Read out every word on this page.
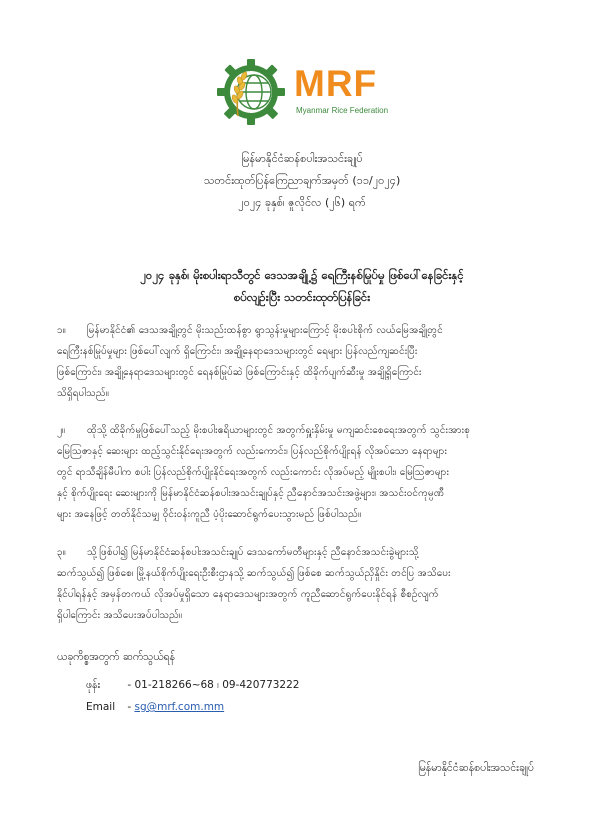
MRF
Myanmar Rice Federation
မြန်မာနိုင်ငံဆန်စပါးအသင်းချုပ်
သတင်းထုတ်ပြန်ကြေညာချက်အမှတ် (၁၁/၂၀၂၄)
၂၀၂၄ ခုနှစ်၊ ဇူလိုင်လ (၂၆) ရက်
၂၀၂၄ ခုနှစ်၊ မိုးစပါးရာသီတွင် ဒေသအချို့၌ ရေကြီးနစ်မြုပ်မှု ဖြစ်ပေါ်နေခြင်းနှင့်
စပ်လျဉ်းပြီး သတင်းထုတ်ပြန်ခြင်း
၁။ မြန်မာနိုင်ငံ၏ ဒေသအချို့တွင် မိုးသည်းထန်စွာ ရွာသွန်းမှုများကြောင့် မိုးစပါးစိုက် လယ်မြေအချို့တွင်
ရေကြီးနစ်မြုပ်မှုများ ဖြစ်ပေါ်လျက် ရှိကြောင်း၊ အချို့နေရာဒေသများတွင် ရေများ ပြန်လည်ကျဆင်းပြီး
ဖြစ်ကြောင်း၊ အချို့နေရာဒေသများတွင် ရေနစ်မြုပ်ဆဲ ဖြစ်ကြောင်းနှင့် ထိခိုက်ပျက်ဆီးမှု အချို့ရှိကြောင်း
သိရှိရပါသည်။
၂။ ထိုသို့ ထိခိုက်မှုဖြစ်ပေါ်သည့် မိုးစပါးဧရိယာများတွင် အတွက်ရှူးနှိမ်းမှု မကျဆင်းစေရေးအတွက် သွင်းအားစု
မြေဩဇာနှင့် ဆေးများ ထည့်သွင်းနိုင်ရေးအတွက် လည်းကောင်း၊ ပြန်လည်စိုက်ပျိုးရန် လိုအပ်သော နေရာများ
တွင် ရာသီချိန်မီပါက စပါး ပြန်လည်စိုက်ပျိုးနိုင်ရေးအတွက် လည်းကောင်း လိုအပ်မည့် မျိုးစပါး၊ မြေဩဇာများ
နှင့် စိုက်ပျိုးရေး ဆေးများကို မြန်မာနိုင်ငံဆန်စပါးအသင်းချုပ်နှင့် ညီနောင်အသင်းအဖွဲ့များ၊ အသင်းဝင်ကုမ္ပဏီ
များ အနေဖြင့် တတ်နိုင်သမျှ ဝိုင်းဝန်းကူညီ ပံ့ပိုးဆောင်ရွက်ပေးသွားမည် ဖြစ်ပါသည်။
၃။ သို့ဖြစ်ပါ၍ မြန်မာနိုင်ငံဆန်စပါးအသင်းချုပ် ဒေသကော်မတီများနှင့် ညီနောင်အသင်းခွဲများသို့
ဆက်သွယ်၍ ဖြစ်စေ၊ မြို့နယ်စိုက်ပျိုးရေးဦးစီးဌာနသို့ ဆက်သွယ်၍ ဖြစ်စေ ဆက်သွယ်ညှိနှိုင်း တင်ပြ အသိပေး
နိုင်ပါရန်နှင့် အမှန်တကယ် လိုအပ်မှုရှိသော နေရာဒေသများအတွက် ကူညီဆောင်ရွက်ပေးနိုင်ရန် စီစဉ်လျက်
ရှိပါကြောင်း အသိပေးအပ်ပါသည်။
ယခုကိစ္စအတွက် ဆက်သွယ်ရန်
ဖုန်း	- 01-218266~68 ၊ 09-420773222
Email - sg@mrf.com.mm
မြန်မာနိုင်ငံဆန်စပါးအသင်းချုပ်
